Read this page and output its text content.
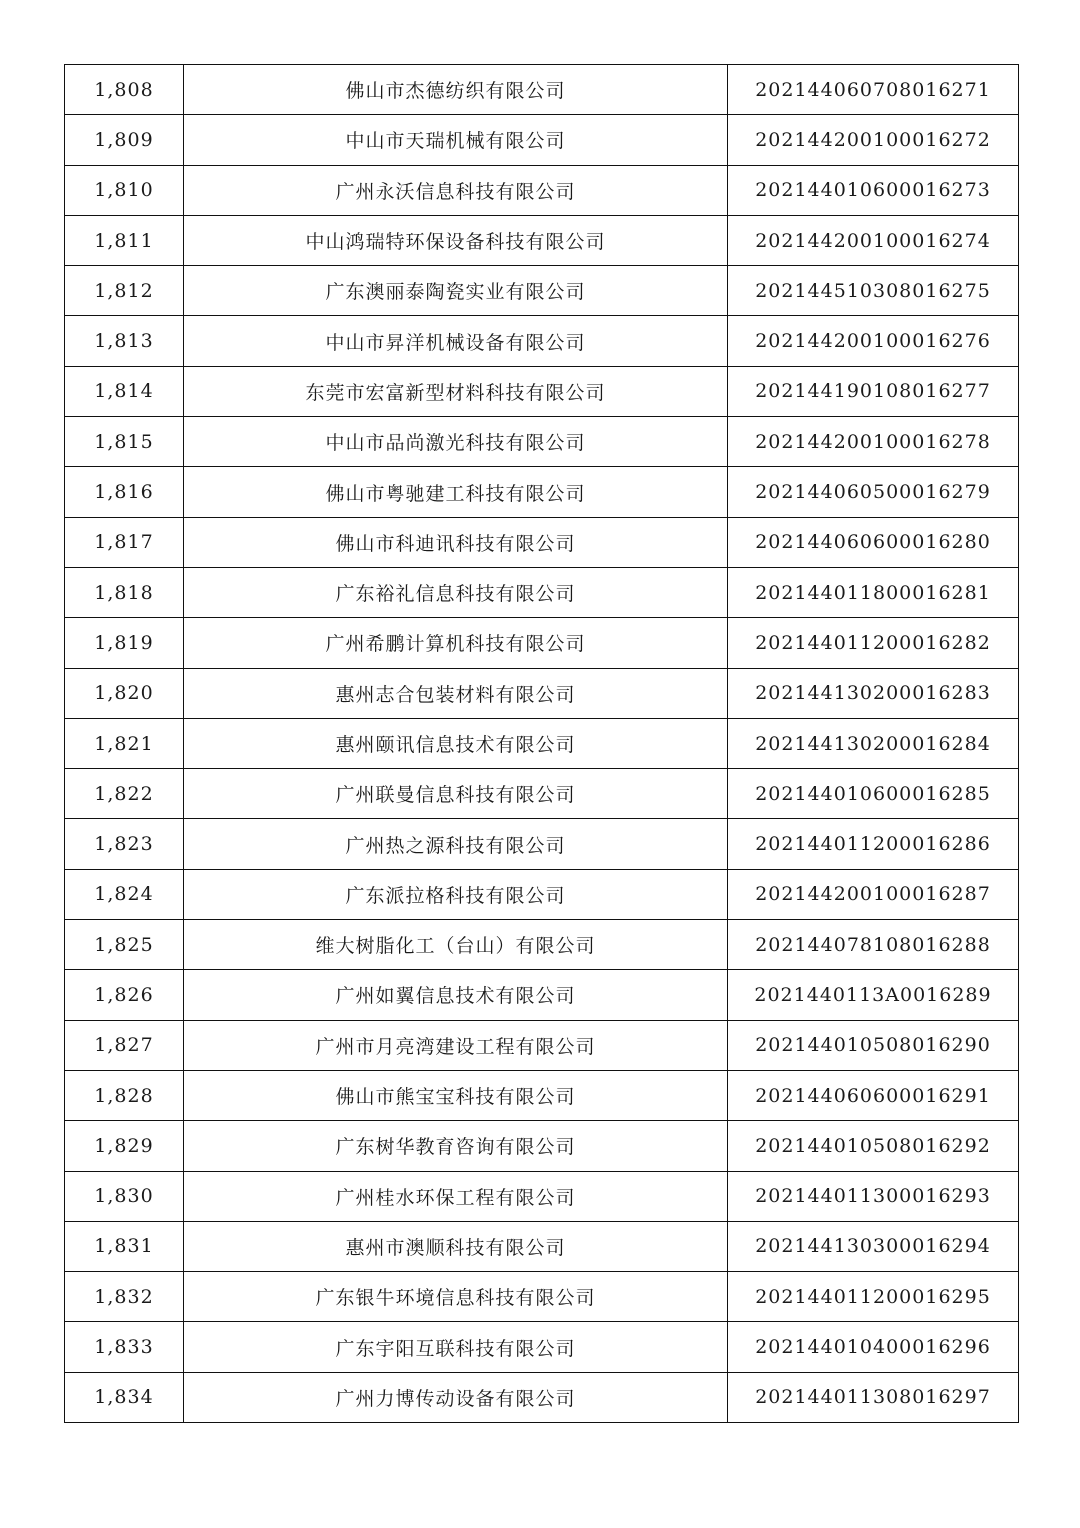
1,808	佛山市杰德纺织有限公司	202144060708016271
1,809	中山市天瑞机械有限公司	202144200100016272
1,810	广州永沃信息科技有限公司	202144010600016273
1,811	中山鸿瑞特环保设备科技有限公司	202144200100016274
1,812	广东澳丽泰陶瓷实业有限公司	202144510308016275
1,813	中山市昇洋机械设备有限公司	202144200100016276
1,814	东莞市宏富新型材料科技有限公司	202144190108016277
1,815	中山市品尚激光科技有限公司	202144200100016278
1,816	佛山市粤驰建工科技有限公司	202144060500016279
1,817	佛山市科迪讯科技有限公司	202144060600016280
1,818	广东裕礼信息科技有限公司	202144011800016281
1,819	广州希鹏计算机科技有限公司	202144011200016282
1,820	惠州志合包装材料有限公司	202144130200016283
1,821	惠州颐讯信息技术有限公司	202144130200016284
1,822	广州联曼信息科技有限公司	202144010600016285
1,823	广州热之源科技有限公司	202144011200016286
1,824	广东派拉格科技有限公司	202144200100016287
1,825	维大树脂化工（台山）有限公司	202144078108016288
1,826	广州如翼信息技术有限公司	2021440113A0016289
1,827	广州市月亮湾建设工程有限公司	202144010508016290
1,828	佛山市熊宝宝科技有限公司	202144060600016291
1,829	广东树华教育咨询有限公司	202144010508016292
1,830	广州桂水环保工程有限公司	202144011300016293
1,831	惠州市澳顺科技有限公司	202144130300016294
1,832	广东银牛环境信息科技有限公司	202144011200016295
1,833	广东宇阳互联科技有限公司	202144010400016296
1,834	广州力博传动设备有限公司	202144011308016297
